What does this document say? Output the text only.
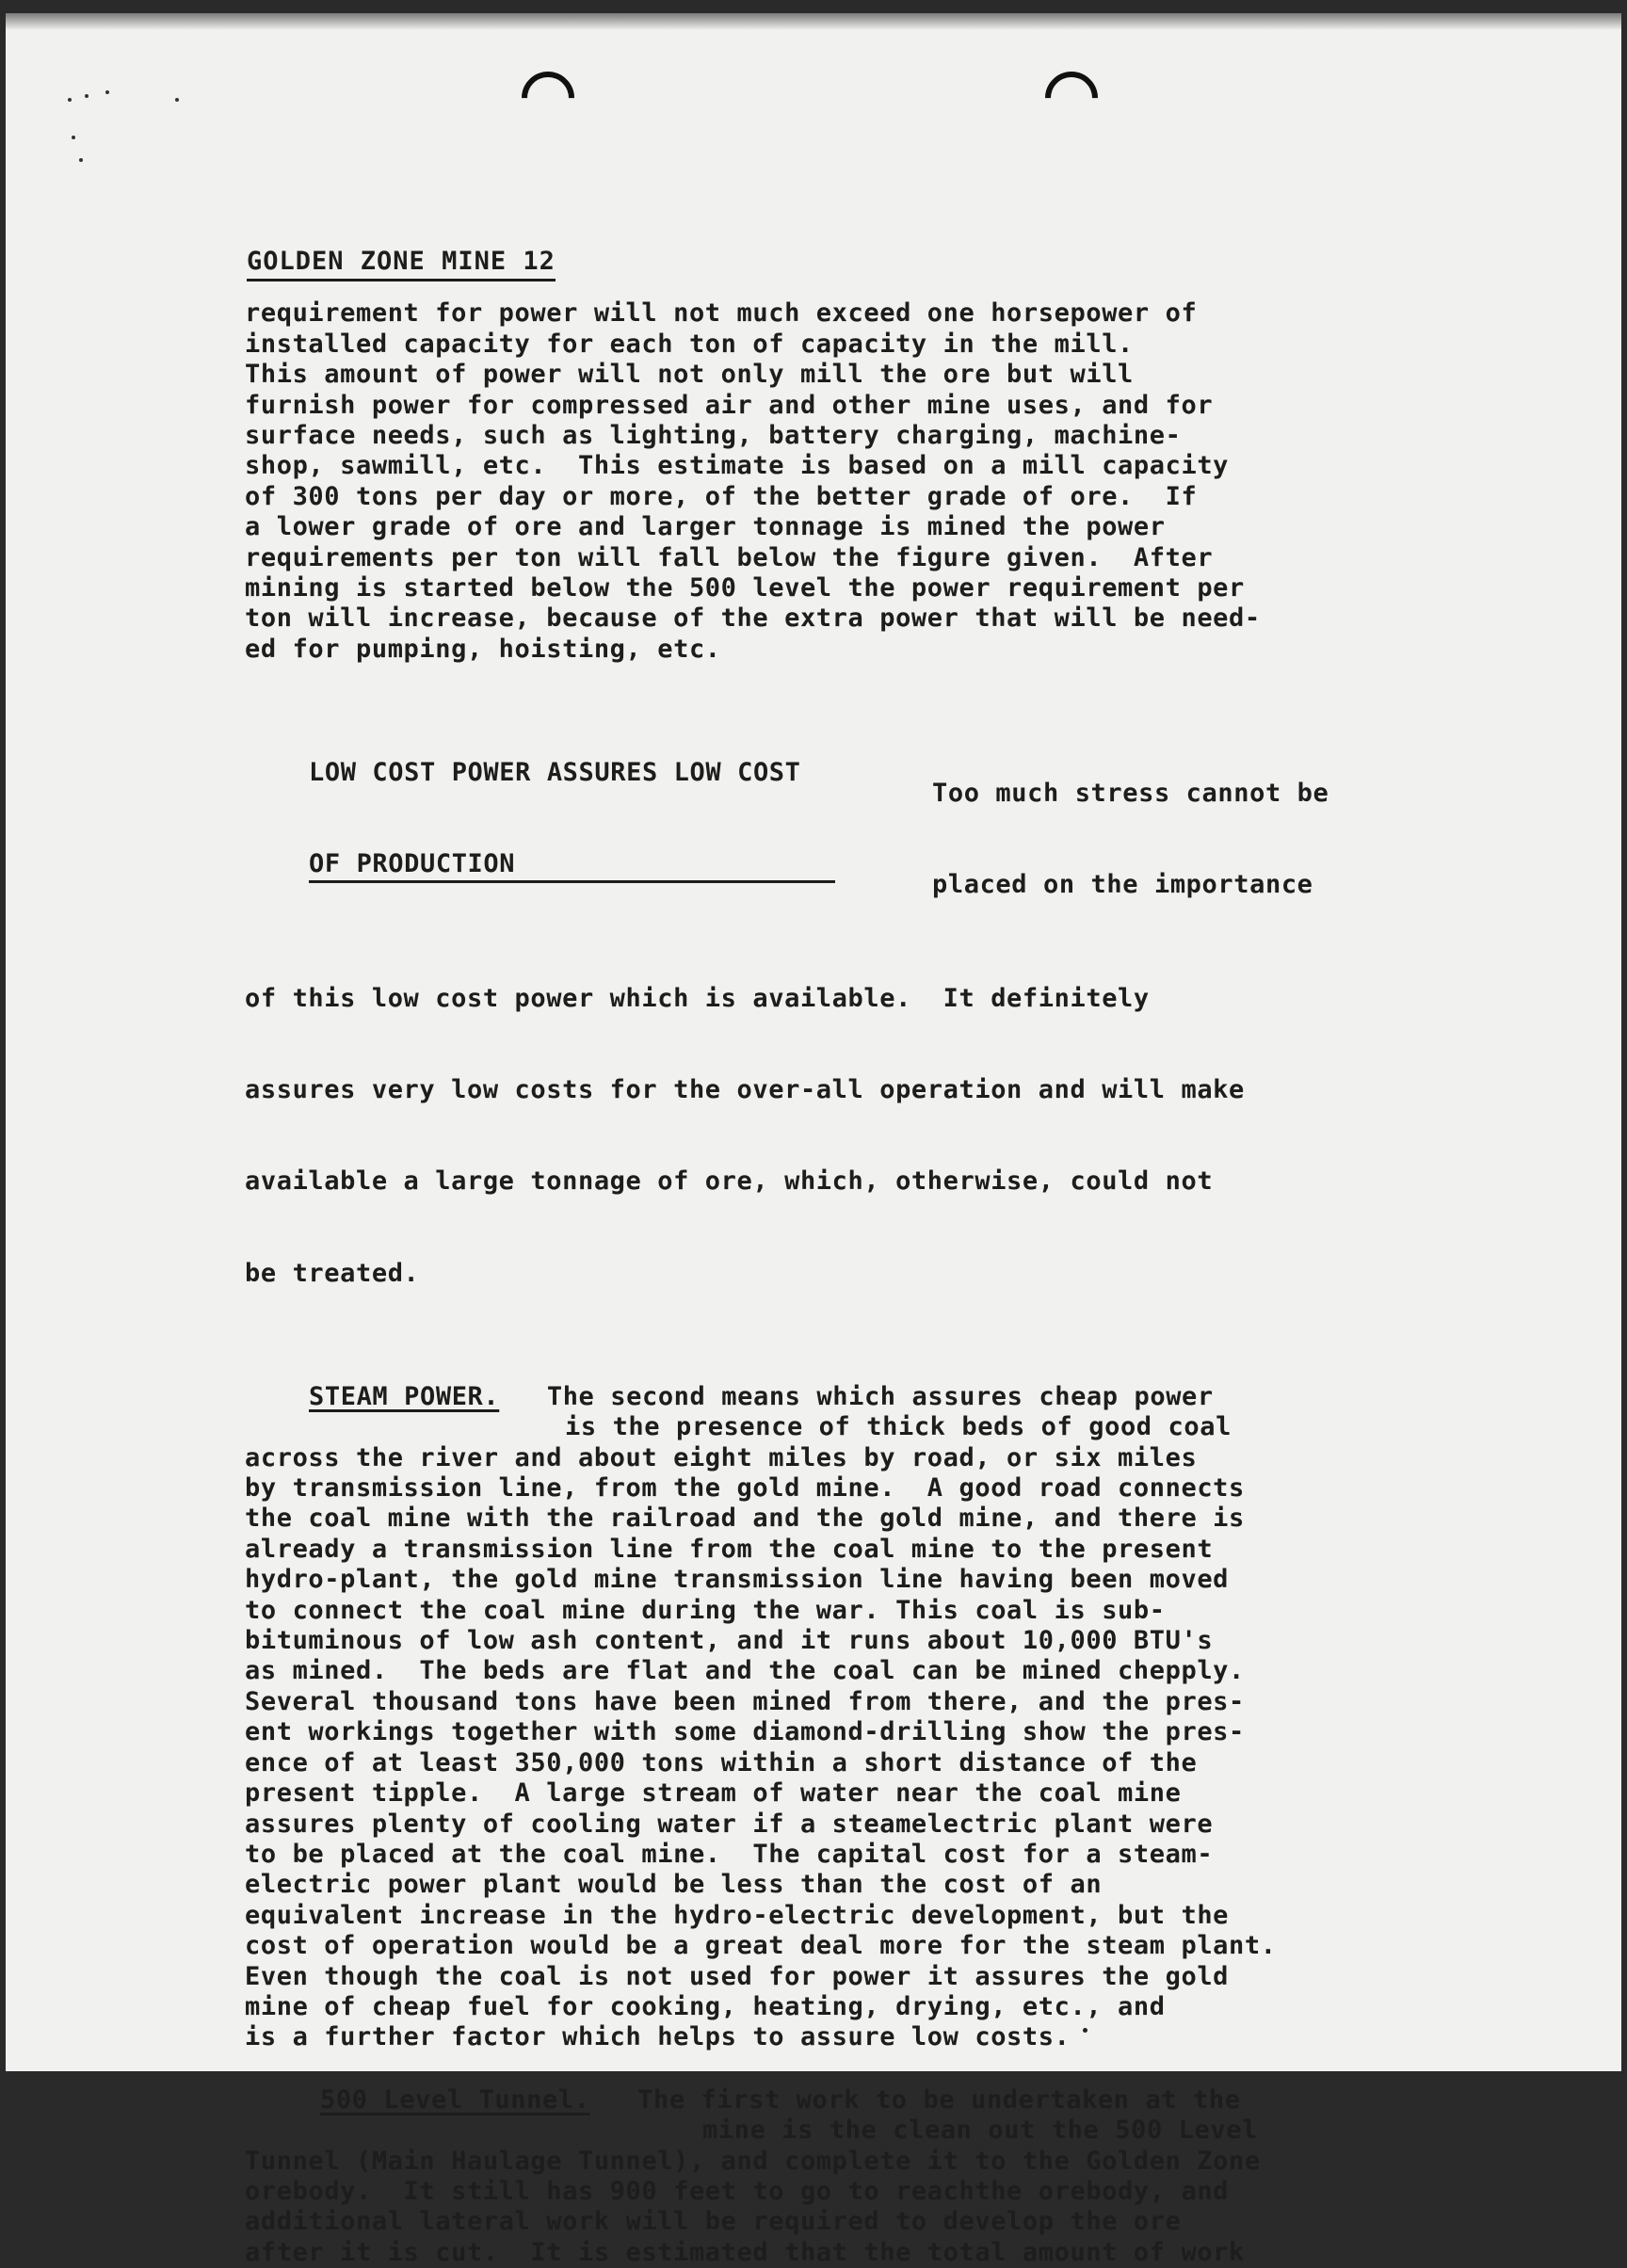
GOLDEN ZONE MINE 12
requirement for power will not much exceed one horsepower of
installed capacity for each ton of capacity in the mill.
This amount of power will not only mill the ore but will
furnish power for compressed air and other mine uses, and for
surface needs, such as lighting, battery charging, machine-
shop, sawmill, etc.  This estimate is based on a mill capacity
of 300 tons per day or more, of the better grade of ore.  If
a lower grade of ore and larger tonnage is mined the power
requirements per ton will fall below the figure given.  After
mining is started below the 500 level the power requirement per
ton will increase, because of the extra power that will be need-
ed for pumping, hoisting, etc.

LOW COST POWER ASSURES LOW COST

OF PRODUCTION

Too much stress cannot be

placed on the importance

of this low cost power which is available.  It definitely

assures very low costs for the over-all operation and will make

available a large tonnage of ore, which, otherwise, could not

be treated.

STEAM POWER. The second means which assures cheap power
is the presence of thick beds of good coal
across the river and about eight miles by road, or six miles
by transmission line, from the gold mine.  A good road connects
the coal mine with the railroad and the gold mine, and there is
already a transmission line from the coal mine to the present
hydro-plant, the gold mine transmission line having been moved
to connect the coal mine during the war. This coal is sub-
bituminous of low ash content, and it runs about 10,000 BTU's
as mined.  The beds are flat and the coal can be mined chepply.
Several thousand tons have been mined from there, and the pres-
ent workings together with some diamond-drilling show the pres-
ence of at least 350,000 tons within a short distance of the
present tipple.  A large stream of water near the coal mine
assures plenty of cooling water if a steamelectric plant were
to be placed at the coal mine.  The capital cost for a steam-
electric power plant would be less than the cost of an
equivalent increase in the hydro-electric development, but the
cost of operation would be a great deal more for the steam plant.
Even though the coal is not used for power it assures the gold
mine of cheap fuel for cooking, heating, drying, etc., and
is a further factor which helps to assure low costs.
500 Level Tunnel. The first work to be undertaken at the
mine is the clean out the 500 Level
Tunnel (Main Haulage Tunnel), and complete it to the Golden Zone
orebody.  It still has 900 feet to go to reachthe orebody, and
additional lateral work will be required to develop the ore
after it is cut.  It is estimated that the total amount of work
